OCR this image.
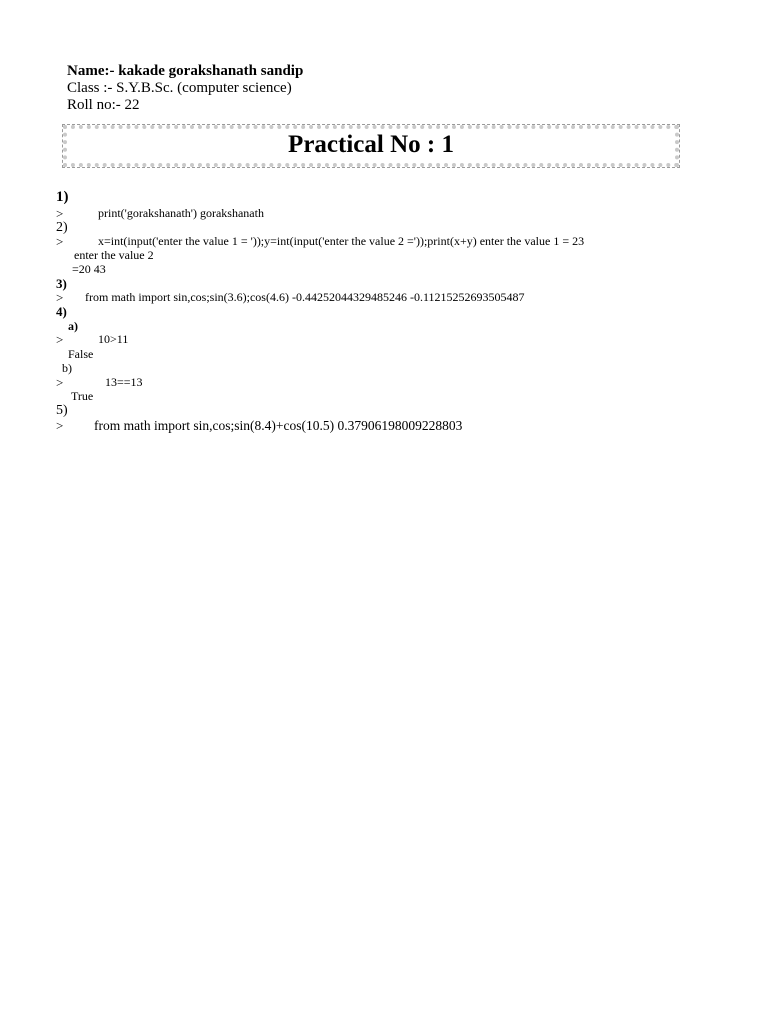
Name:- kakade gorakshanath sandip
Class :- S.Y.B.Sc. (computer science)
Roll no:- 22
Practical No : 1
1)
>	print('gorakshanath') gorakshanath
2)
>	x=int(input('enter the value 1 = '));y=int(input('enter the value 2 ='));print(x+y) enter the value 1 = 23
enter the value 2
=20 43
3)
> from math import sin,cos;sin(3.6);cos(4.6) -0.44252044329485246 -0.11215252693505487
4)
a)
>	10>11
False
b)
>	13==13
True
5)
> from math import sin,cos;sin(8.4)+cos(10.5) 0.37906198009228803
